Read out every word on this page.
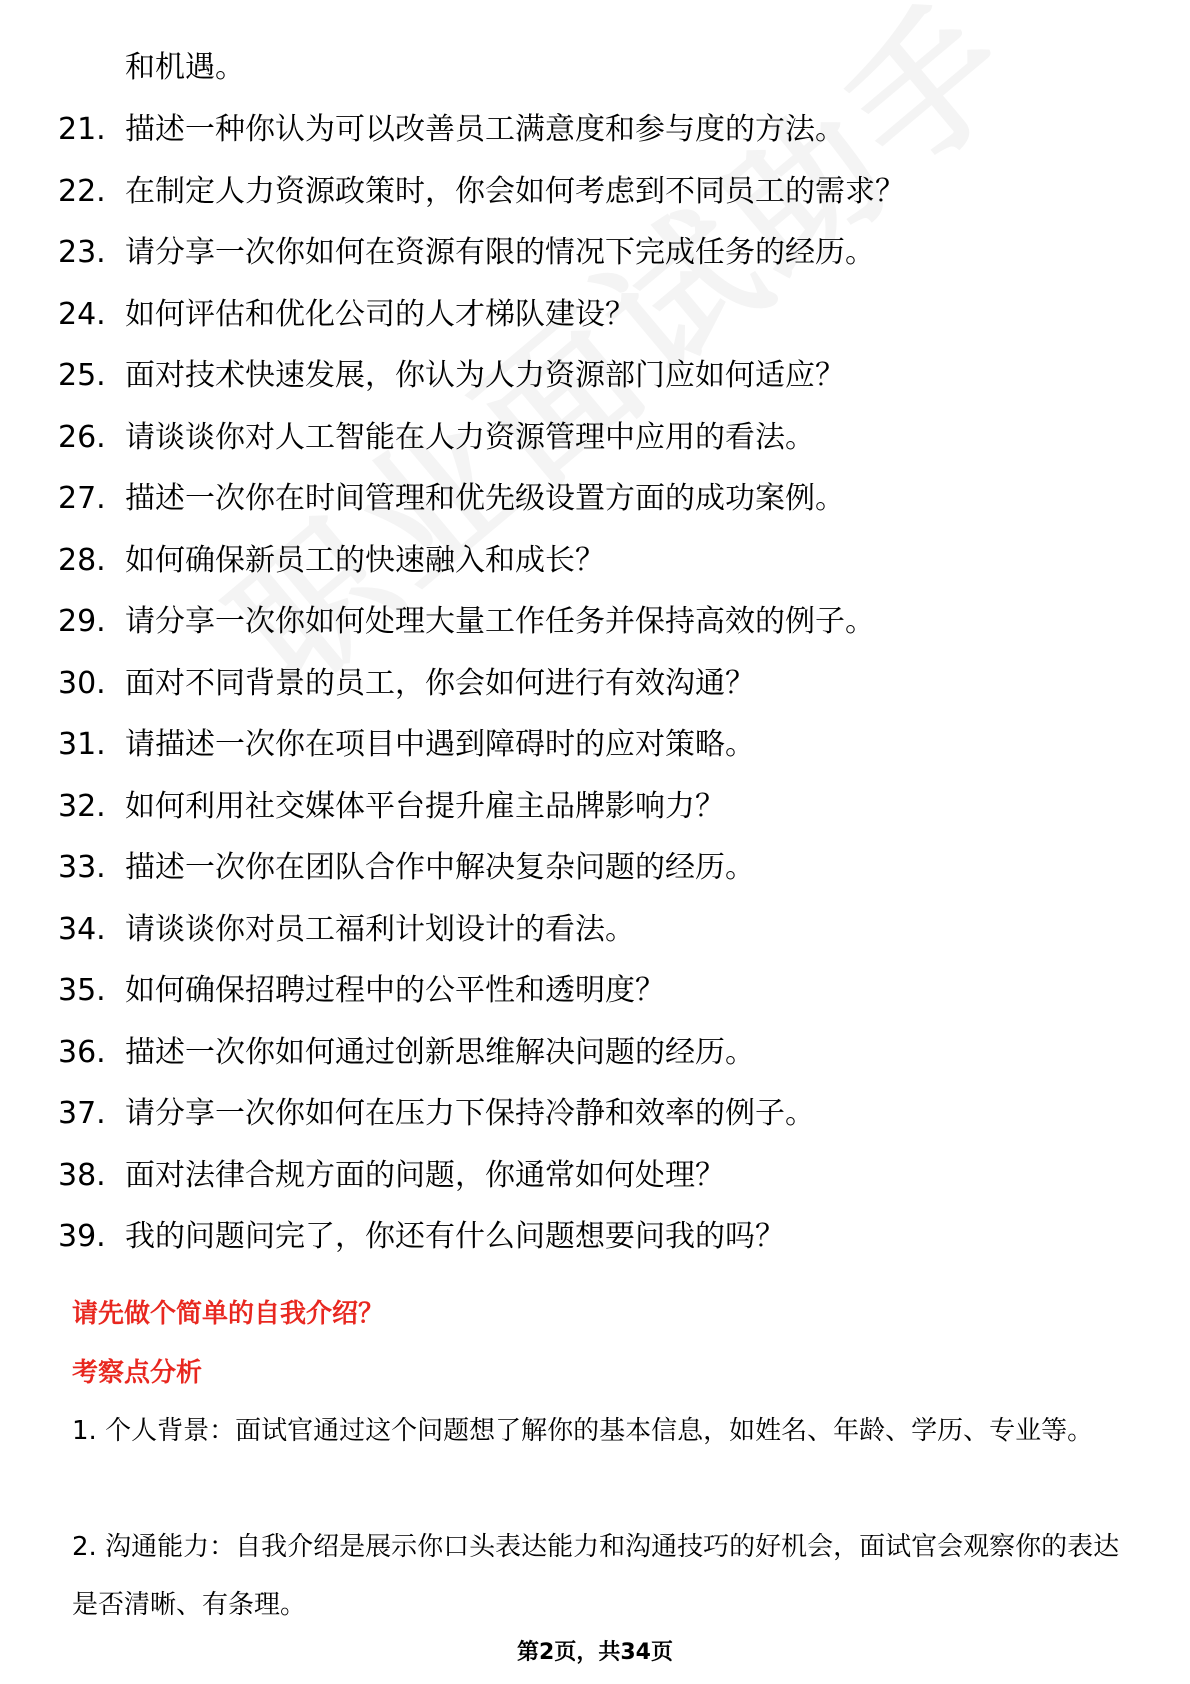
和机遇。
21. 描述一种你认为可以改善员工满意度和参与度的方法。
22. 在制定人力资源政策时，你会如何考虑到不同员工的需求？
23. 请分享一次你如何在资源有限的情况下完成任务的经历。
24. 如何评估和优化公司的人才梯队建设？
25. 面对技术快速发展，你认为人力资源部门应如何适应？
26. 请谈谈你对人工智能在人力资源管理中应用的看法。
27. 描述一次你在时间管理和优先级设置方面的成功案例。
28. 如何确保新员工的快速融入和成长？
29. 请分享一次你如何处理大量工作任务并保持高效的例子。
30. 面对不同背景的员工，你会如何进行有效沟通？
31. 请描述一次你在项目中遇到障碍时的应对策略。
32. 如何利用社交媒体平台提升雇主品牌影响力？
33. 描述一次你在团队合作中解决复杂问题的经历。
34. 请谈谈你对员工福利计划设计的看法。
35. 如何确保招聘过程中的公平性和透明度？
36. 描述一次你如何通过创新思维解决问题的经历。
37. 请分享一次你如何在压力下保持冷静和效率的例子。
38. 面对法律合规方面的问题，你通常如何处理？
39. 我的问题问完了，你还有什么问题想要问我的吗？
请先做个简单的自我介绍？
考察点分析

1. 个人背景：面试官通过这个问题想了解你的基本信息，如姓名、年龄、学历、专业等。

2. 沟通能力：自我介绍是展示你口头表达能力和沟通技巧的好机会，面试官会观察你的表达是否清晰、有条理。

第2页，共34页
